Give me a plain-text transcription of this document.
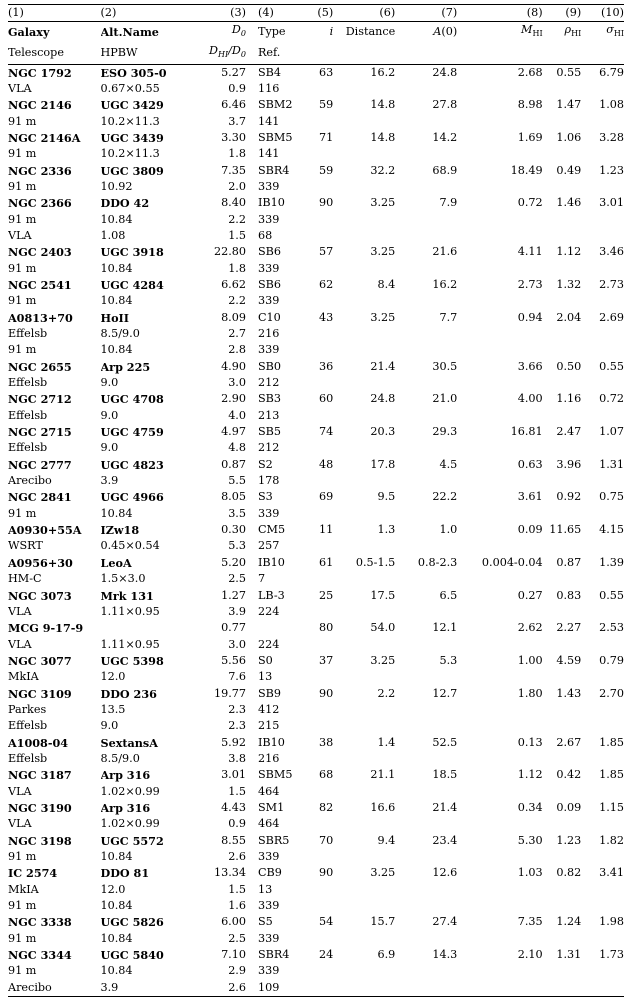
(1)	(2)	(3)	(4)	(5)	(6)	(7)	(8)	(9)	(10)

Galaxy	Alt.Name	$D_0$	Type	i	Distance	A(0)	$M_{HI}$	$\rho_{HI}$	$\sigma_{HI}$
Telescope	HPBW	$D_{HI}/D_0$	Ref.						

NGC 1792	ESO 305-0	5.27	SB4	63	16.2	24.8	2.68	0.55	6.79
VLA	0.67×0.55	0.9	116						
NGC 2146	UGC 3429	6.46	SBM2	59	14.8	27.8	8.98	1.47	1.08
91 m	10.2×11.3	3.7	141						
NGC 2146A	UGC 3439	3.30	SBM5	71	14.8	14.2	1.69	1.06	3.28
91 m	10.2×11.3	1.8	141						
NGC 2336	UGC 3809	7.35	SBR4	59	32.2	68.9	18.49	0.49	1.23
91 m	10.92	2.0	339						
NGC 2366	DDO 42	8.40	IB10	90	3.25	7.9	0.72	1.46	3.01
91 m	10.84	2.2	339						
VLA	1.08	1.5	68						
NGC 2403	UGC 3918	22.80	SB6	57	3.25	21.6	4.11	1.12	3.46
91 m	10.84	1.8	339						
NGC 2541	UGC 4284	6.62	SB6	62	8.4	16.2	2.73	1.32	2.73
91 m	10.84	2.2	339						
A0813+70	HoII	8.09	C10	43	3.25	7.7	0.94	2.04	2.69
Effelsb	8.5/9.0	2.7	216						
91 m	10.84	2.8	339						
NGC 2655	Arp 225	4.90	SB0	36	21.4	30.5	3.66	0.50	0.55
Effelsb	9.0	3.0	212						
NGC 2712	UGC 4708	2.90	SB3	60	24.8	21.0	4.00	1.16	0.72
Effelsb	9.0	4.0	213						
NGC 2715	UGC 4759	4.97	SB5	74	20.3	29.3	16.81	2.47	1.07
Effelsb	9.0	4.8	212						
NGC 2777	UGC 4823	0.87	S2	48	17.8	4.5	0.63	3.96	1.31
Arecibo	3.9	5.5	178						
NGC 2841	UGC 4966	8.05	S3	69	9.5	22.2	3.61	0.92	0.75
91 m	10.84	3.5	339						
A0930+55A	IZw18	0.30	CM5	11	1.3	1.0	0.09	11.65	4.15
WSRT	0.45×0.54	5.3	257						
A0956+30	LeoA	5.20	IB10	61	0.5-1.5	0.8-2.3	0.004-0.04	0.87	1.39
HM-C	1.5×3.0	2.5	7						
NGC 3073	Mrk 131	1.27	LB-3	25	17.5	6.5	0.27	0.83	0.55
VLA	1.11×0.95	3.9	224						
MCG 9-17-9		0.77		80	54.0	12.1	2.62	2.27	2.53
VLA	1.11×0.95	3.0	224						
NGC 3077	UGC 5398	5.56	S0	37	3.25	5.3	1.00	4.59	0.79
MkIA	12.0	7.6	13						
NGC 3109	DDO 236	19.77	SB9	90	2.2	12.7	1.80	1.43	2.70
Parkes	13.5	2.3	412						
Effelsb	9.0	2.3	215						
A1008-04	SextansA	5.92	IB10	38	1.4	52.5	0.13	2.67	1.85
Effelsb	8.5/9.0	3.8	216						
NGC 3187	Arp 316	3.01	SBM5	68	21.1	18.5	1.12	0.42	1.85
VLA	1.02×0.99	1.5	464						
NGC 3190	Arp 316	4.43	SM1	82	16.6	21.4	0.34	0.09	1.15
VLA	1.02×0.99	0.9	464						
NGC 3198	UGC 5572	8.55	SBR5	70	9.4	23.4	5.30	1.23	1.82
91 m	10.84	2.6	339						
IC 2574	DDO 81	13.34	CB9	90	3.25	12.6	1.03	0.82	3.41
MkIA	12.0	1.5	13						
91 m	10.84	1.6	339						
NGC 3338	UGC 5826	6.00	S5	54	15.7	27.4	7.35	1.24	1.98
91 m	10.84	2.5	339						
NGC 3344	UGC 5840	7.10	SBR4	24	6.9	14.3	2.10	1.31	1.73
91 m	10.84	2.9	339						
Arecibo	3.9	2.6	109						
